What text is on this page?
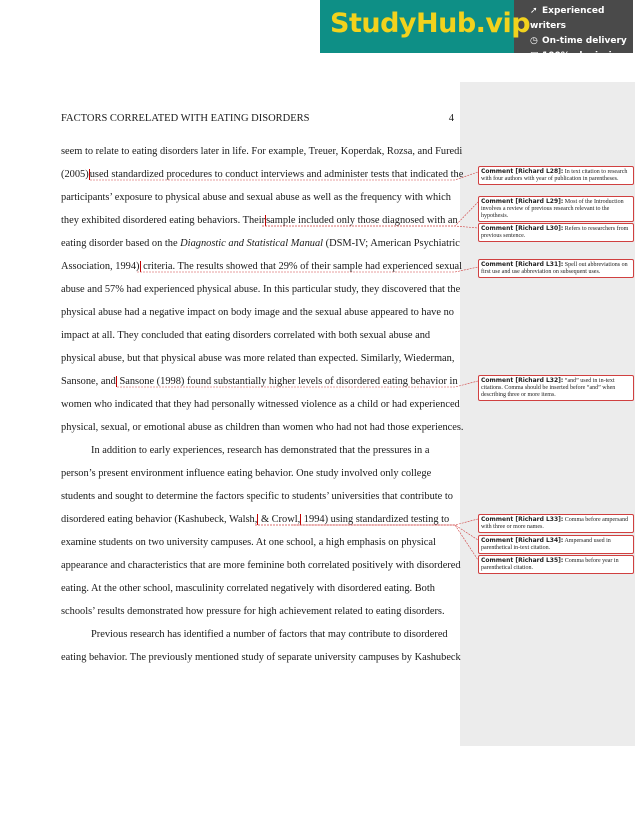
StudyHub.vip ➚ Experienced writers
◷ On-time delivery
▣ 100% plagiarism free
FACTORS CORRELATED WITH EATING DISORDERS	4
seem to relate to eating disorders later in life. For example, Treuer, Koperdak, Rozsa, and Furedi
(2005)used standardized procedures to conduct interviews and administer tests that indicated the
participants’ exposure to physical abuse and sexual abuse as well as the frequency with which
they exhibited disordered eating behaviors. Theirsample included only those diagnosed with an
eating disorder based on the Diagnostic and Statistical Manual (DSM-IV; American Psychiatric
Association, 1994) criteria. The results showed that 29% of their sample had experienced sexual
abuse and 57% had experienced physical abuse. In this particular study, they discovered that the
physical abuse had a negative impact on body image and the sexual abuse appeared to have no
impact at all. They concluded that eating disorders correlated with both sexual abuse and
physical abuse, but that physical abuse was more related than expected. Similarly, Wiederman,
Sansone, and Sansone (1998) found substantially higher levels of disordered eating behavior in
women who indicated that they had personally witnessed violence as a child or had experienced
physical, sexual, or emotional abuse as children than women who had not had those experiences.
In addition to early experiences, research has demonstrated that the pressures in a
person’s present environment influence eating behavior. One study involved only college
students and sought to determine the factors specific to students’ universities that contribute to
disordered eating behavior (Kashubeck, Walsh, & Crowl, 1994) using standardized testing to
examine students on two university campuses. At one school, a high emphasis on physical
appearance and characteristics that are more feminine both correlated positively with disordered
eating. At the other school, masculinity correlated negatively with disordered eating. Both
schools’ results demonstrated how pressure for high achievement related to eating disorders.
Previous research has identified a number of factors that may contribute to disordered
eating behavior. The previously mentioned study of separate university campuses by Kashubeck
Comment [Richard L28]: In text citation to research with four authors with year of publication in parentheses.
Comment [Richard L29]: Most of the Introduction involves a review of previous research relevant to the hypothesis.
Comment [Richard L30]: Refers to researchers from previous sentence.
Comment [Richard L31]: Spell out abbreviations on first use and use abbreviation on subsequent uses.
Comment [Richard L32]: “and” used in in-text citations. Comma should be inserted before “and” when describing three or more items.
Comment [Richard L33]: Comma before ampersand with three or more names.
Comment [Richard L34]: Ampersand used in parenthetical in-text citation.
Comment [Richard L35]: Comma before year in parenthetical citation.
